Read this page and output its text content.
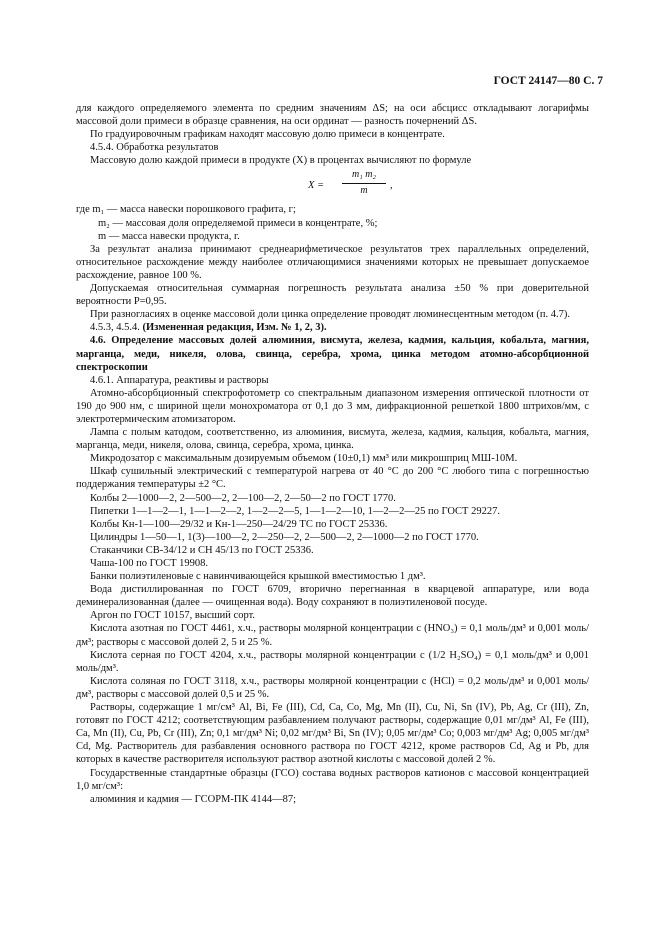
ГОСТ 24147—80 С. 7

для каждого определяемого элемента по средним значениям ΔS; на оси абсцисс откладывают логарифмы массовой доли примеси в образце сравнения, на оси ординат — разность почернений ΔS.

По градуировочным графикам находят массовую долю примеси в концентрате.

4.5.4. Обработка результатов

Массовую долю каждой примеси в продукте (X) в процентах вычисляют по формуле

$X = \frac{\text{m₁ m₂}}{m}$ ,

где m₁ — масса навески порошкового графита, г;

m₂ — массовая доля определяемой примеси в концентрате, %;

m — масса навески продукта, г.

За результат анализа принимают среднеарифметическое результатов трех параллельных определений, относительное расхождение между наиболее отличающимися значениями которых не превышает допускаемое расхождение, равное 100 %.

Допускаемая относительная суммарная погрешность результата анализа ±50 % при доверительной вероятности P=0,95.

При разногласиях в оценке массовой доли цинка определение проводят люминесцентным методом (п. 4.7).

4.5.3, 4.5.4. (Измененная редакция, Изм. № 1, 2, 3).

4.6. Определение массовых долей алюминия, висмута, железа, кадмия, кальция, кобальта, магния, марганца, меди, никеля, олова, свинца, серебра, хрома, цинка методом атомно-абсорбционной спектроскопии

4.6.1. Аппаратура, реактивы и растворы

Атомно-абсорбционный спектрофотометр со спектральным диапазоном измерения оптической плотности от 190 до 900 нм, с шириной щели монохроматора от 0,1 до 3 мм, дифракционной решеткой 1800 штрихов/мм, с электротермическим атомизатором.

Лампа с полым катодом, соответственно, из алюминия, висмута, железа, кадмия, кальция, кобальта, магния, марганца, меди, никеля, олова, свинца, серебра, хрома, цинка.

Микродозатор с максимальным дозируемым объемом (10±0,1) мм³ или микрошприц МШ-10М.

Шкаф сушильный электрический с температурой нагрева от 40 °С до 200 °С любого типа с погрешностью поддержания температуры ±2 °С.

Колбы 2—1000—2, 2—500—2, 2—100—2, 2—50—2 по ГОСТ 1770.

Пипетки 1—1—2—1, 1—1—2—2, 1—2—2—5, 1—1—2—10, 1—2—2—25 по ГОСТ 29227.

Колбы Кн-1—100—29/32 и Кн-1—250—24/29 ТС по ГОСТ 25336.

Цилиндры 1—50—1, 1(3)—100—2, 2—250—2, 2—500—2, 2—1000—2 по ГОСТ 1770.

Стаканчики СВ-34/12 и СН 45/13 по ГОСТ 25336.

Чаша-100 по ГОСТ 19908.

Банки полиэтиленовые с навинчивающейся крышкой вместимостью 1 дм³.

Вода дистиллированная по ГОСТ 6709, вторично перегнанная в кварцевой аппаратуре, или вода деминерализованная (далее — очищенная вода). Воду сохраняют в полиэтиленовой посуде.

Аргон по ГОСТ 10157, высший сорт.

Кислота азотная по ГОСТ 4461, х.ч., растворы молярной концентрации c (HNO₃) = 0,1 моль/дм³ и 0,001 моль/дм³; растворы с массовой долей 2, 5 и 25 %.

Кислота серная по ГОСТ 4204, х.ч., растворы молярной концентрации c (1/2 H₂SO₄) = 0,1 моль/дм³ и 0,001 моль/дм³.

Кислота соляная по ГОСТ 3118, х.ч., растворы молярной концентрации c (HCl) = 0,2 моль/дм³ и 0,001 моль/дм³, растворы с массовой долей 0,5 и 25 %.

Растворы, содержащие 1 мг/см³ Al, Bi, Fe (III), Cd, Ca, Co, Mg, Mn (II), Cu, Ni, Sn (IV), Pb, Ag, Cr (III), Zn, готовят по ГОСТ 4212; соответствующим разбавлением получают растворы, содержащие 0,01 мг/дм³ Al, Fe (III), Ca, Mn (II), Cu, Pb, Cr (III), Zn; 0,1 мг/дм³ Ni; 0,02 мг/дм³ Bi, Sn (IV); 0,05 мг/дм³ Co; 0,003 мг/дм³ Ag; 0,005 мг/дм³ Cd, Mg. Растворитель для разбавления основного раствора по ГОСТ 4212, кроме растворов Cd, Ag и Pb, для которых в качестве растворителя используют раствор азотной кислоты с массовой долей 2 %.

Государственные стандартные образцы (ГСО) состава водных растворов катионов с массовой концентрацией 1,0 мг/см³:

алюминия и кадмия — ГСОРМ-ПК 4144—87;
